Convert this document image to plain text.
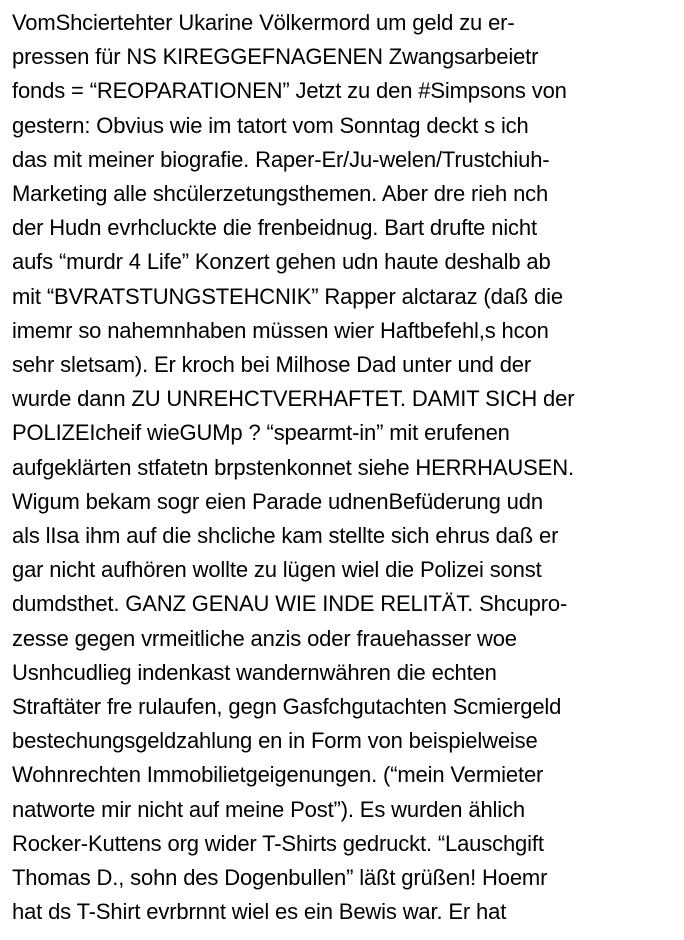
VomShciertehter Ukarine Völkermord um geld zu er-
pressen für NS KIREGGEFNAGENEN Zwangsarbeietr
fonds = “REOPARATIONEN” Jetzt zu den #Simpsons von
gestern: Obvius wie im tatort vom Sonntag deckt s ich
das mit meiner biografie. Raper-Er/Ju-welen/Trustchiuh-
Marketing alle shcülerzetungsthemen. Aber dre rieh nch
der Hudn evrhcluckte die frenbeidnug. Bart drufte nicht
aufs “murdr 4 Life” Konzert gehen udn haute deshalb ab
mit “BVRATSTUNGSTEHCNIK” Rapper alctaraz (daß die
imemr so nahemnhaben müssen wier Haftbefehl,s hcon
sehr sletsam). Er kroch bei Milhose Dad unter und der
wurde dann ZU UNREHCTVERHAFTET. DAMIT SICH der
POLIZEIcheif wieGUMp ? “spearmt-in” mit erufenen
aufgeklärten stfatetn brpstenkonnet siehe HERRHAUSEN.
Wigum bekam sogr eien Parade udnenBefüderung udn
als lIsa ihm auf die shcliche kam stellte sich ehrus daß er
gar nicht aufhören wollte zu lügen wiel die Polizei sonst
dumdsthet. GANZ GENAU WIE INDE RELITÄT. Shcupro-
zesse gegen vrmeitliche anzis oder frauehasser woe
Usnhcudlieg indenkast wandernwähren die echten
Straftäter fre rulaufen, gegn Gasfchgutachten Scmiergeld
bestechungsgeldzahlung en in Form von beispielweise
Wohnrechten Immobilietgeigenungen. (“mein Vermieter
natworte mir nicht auf meine Post”). Es wurden ählich
Rocker-Kuttens org wider T-Shirts gedruckt. “Lauschgift
Thomas D., sohn des Dogenbullen” läßt grüßen! Hoemr
hat ds T-Shirt evrbrnnt wiel es ein Bewis war. Er hat
